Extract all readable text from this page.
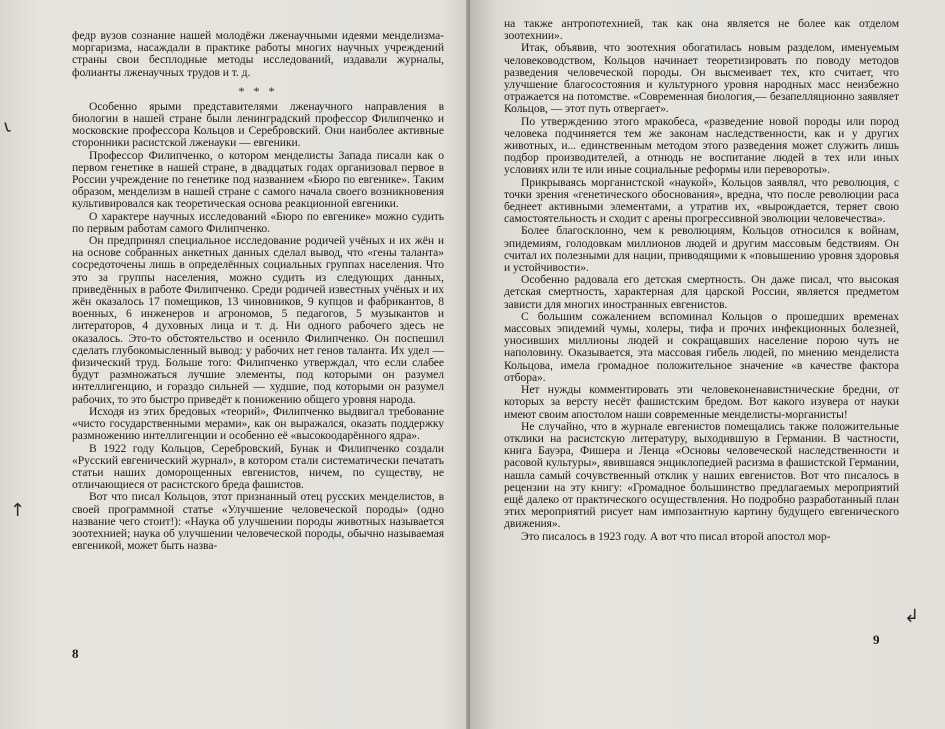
федр вузов сознание нашей молодёжи лженаучными идеями менделизма-моргаризма, насаждали в практике работы многих научных учреждений страны свои бесплодные методы исследований, издавали журналы, фолианты лженаучных трудов и т. д.

* * *

Особенно ярыми представителями лженаучного направления в биологии в нашей стране были ленинградский профессор Филипченко и московские профессора Кольцов и Серебровский. Они наиболее активные сторонники расистской лженауки — евгеники.

Профессор Филипченко, о котором менделисты Запада писали как о первом генетике в нашей стране, в двадцатых годах организовал первое в России учреждение по генетике под названием «Бюро по евгенике». Таким образом, менделизм в нашей стране с самого начала своего возникновения культивировался как теоретическая основа реакционной евгеники.

О характере научных исследований «Бюро по евгенике» можно судить по первым работам самого Филипченко.

Он предпринял специальное исследование родичей учёных и их жён и на основе собранных анкетных данных сделал вывод, что «гены таланта» сосредоточены лишь в определённых социальных группах населения. Что это за группы населения, можно судить из следующих данных, приведённых в работе Филипченко. Среди родичей известных учёных и их жён оказалось 17 помещиков, 13 чиновников, 9 купцов и фабрикантов, 8 военных, 6 инженеров и агрономов, 5 педагогов, 5 музыкантов и литераторов, 4 духовных лица и т. д. Ни одного рабочего здесь не оказалось. Это-то обстоятельство и осенило Филипченко. Он поспешил сделать глубокомысленный вывод: у рабочих нет генов таланта. Их удел — физический труд. Больше того: Филипченко утверждал, что если слабее будут размножаться лучшие элементы, под которыми он разумел интеллигенцию, и гораздо сильней — худшие, под которыми он разумел рабочих, то это быстро приведёт к понижению общего уровня народа.

Исходя из этих бредовых «теорий», Филипченко выдвигал требование «чисто государственными мерами», как он выражался, оказать поддержку размножению интеллигенции и особенно её «высокоодарённого ядра».

В 1922 году Кольцов, Серебровский, Бунак и Филипченко создали «Русский евгенический журнал», в котором стали систематически печатать статьи наших доморощенных евгенистов, ничем, по существу, не отличающиеся от расистского бреда фашистов.

Вот что писал Кольцов, этот признанный отец русских менделистов, в своей программной статье «Улучшение человеческой породы» (одно название чего стоит!): «Наука об улучшении породы животных называется зоотехнией; наука об улучшении человеческой породы, обычно называемая евгеникой, может быть назва-

8
ɩ
↑

на также антропотехнией, так как она является не более как отделом зоотехнии».

Итак, объявив, что зоотехния обогатилась новым разделом, именуемым человеководством, Кольцов начинает теоретизировать по поводу методов разведения человеческой породы. Он высмеивает тех, кто считает, что улучшение благосостояния и культурного уровня народных масс неизбежно отражается на потомстве. «Современная биология,— безапелляционно заявляет Кольцов, — этот путь отвергает».

По утверждению этого мракобеса, «разведение новой породы или пород человека подчиняется тем же законам наследственности, как и у других животных, и... единственным методом этого разведения может служить лишь подбор производителей, а отнюдь не воспитание людей в тех или иных условиях или те или иные социальные реформы или перевороты».

Прикрываясь морганистской «наукой», Кольцов заявлял, что революция, с точки зрения «генетического обоснования», вредна, что после революции раса беднеет активными элементами, а утратив их, «вырождается, теряет свою самостоятельность и сходит с арены прогрессивной эволюции человечества».

Более благосклонно, чем к революциям, Кольцов относился к войнам, эпидемиям, голодовкам миллионов людей и другим массовым бедствиям. Он считал их полезными для нации, приводящими к «повышению уровня здоровья и устойчивости».

Особенно радовала его детская смертность. Он даже писал, что высокая детская смертность, характерная для царской России, является предметом зависти для многих иностранных евгенистов.

С большим сожалением вспоминал Кольцов о прошедших временах массовых эпидемий чумы, холеры, тифа и прочих инфекционных болезней, уносивших миллионы людей и сокращавших население порою чуть не наполовину. Оказывается, эта массовая гибель людей, по мнению менделиста Кольцова, имела громадное положительное значение «в качестве фактора отбора».

Нет нужды комментировать эти человеконенавистнические бредни, от которых за версту несёт фашистским бредом. Вот какого изувера от науки имеют своим апостолом наши современные менделисты-морганисты!

Не случайно, что в журнале евгенистов помещались также положительные отклики на расистскую литературу, выходившую в Германии. В частности, книга Бауэра, Фишера и Ленца «Основы человеческой наследственности и расовой культуры», явившаяся энциклопедией расизма в фашистской Германии, нашла самый сочувственный отклик у наших евгенистов. Вот что писалось в рецензии на эту книгу: «Громадное большинство предлагаемых мероприятий ещё далеко от практического осуществления. Но подробно разработанный план этих мероприятий рисует нам импозантную картину будущего евгенического движения».

Это писалось в 1923 году. А вот что писал второй апостол мор-

↲
9
